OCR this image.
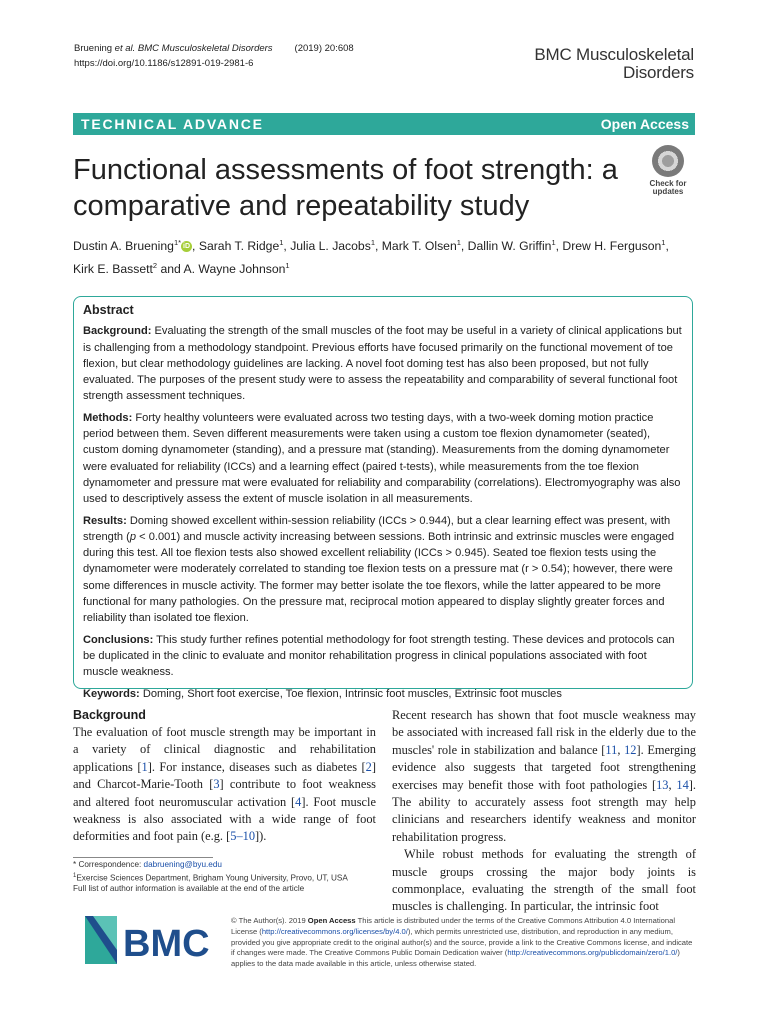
Bruening et al. BMC Musculoskeletal Disorders (2019) 20:608
https://doi.org/10.1186/s12891-019-2981-6	BMC Musculoskeletal
Disorders
TECHNICAL ADVANCE	Open Access
Functional assessments of foot strength: a comparative and repeatability study
Check for
updates
Dustin A. Bruening$^{1*}$ iD , Sarah T. Ridge$^1$, Julia L. Jacobs$^1$, Mark T. Olsen$^1$, Dallin W. Griffin$^1$, Drew H. Ferguson$^1$,
Kirk E. Bassett$^2$ and A. Wayne Johnson$^1$
Abstract

Background: Evaluating the strength of the small muscles of the foot may be useful in a variety of clinical applications but is challenging from a methodology standpoint. Previous efforts have focused primarily on the functional movement of toe flexion, but clear methodology guidelines are lacking. A novel foot doming test has also been proposed, but not fully evaluated. The purposes of the present study were to assess the repeatability and comparability of several functional foot strength assessment techniques.

Methods: Forty healthy volunteers were evaluated across two testing days, with a two-week doming motion practice period between them. Seven different measurements were taken using a custom toe flexion dynamometer (seated), custom doming dynamometer (standing), and a pressure mat (standing). Measurements from the doming dynamometer were evaluated for reliability (ICCs) and a learning effect (paired t-tests), while measurements from the toe flexion dynamometer and pressure mat were evaluated for reliability and comparability (correlations). Electromyography was also used to descriptively assess the extent of muscle isolation in all measurements.

Results: Doming showed excellent within-session reliability (ICCs > 0.944), but a clear learning effect was present, with strength (p < 0.001) and muscle activity increasing between sessions. Both intrinsic and extrinsic muscles were engaged during this test. All toe flexion tests also showed excellent reliability (ICCs > 0.945). Seated toe flexion tests using the dynamometer were moderately correlated to standing toe flexion tests on a pressure mat (r > 0.54); however, there were some differences in muscle activity. The former may better isolate the toe flexors, while the latter appeared to be more functional for many pathologies. On the pressure mat, reciprocal motion appeared to display slightly greater forces and reliability than isolated toe flexion.

Conclusions: This study further refines potential methodology for foot strength testing. These devices and protocols can be duplicated in the clinic to evaluate and monitor rehabilitation progress in clinical populations associated with foot muscle weakness.

Keywords: Doming, Short foot exercise, Toe flexion, Intrinsic foot muscles, Extrinsic foot muscles

Background

The evaluation of foot muscle strength may be important in a variety of clinical diagnostic and rehabilitation applications [1]. For instance, diseases such as diabetes [2] and Charcot-Marie-Tooth [3] contribute to foot weakness and altered foot neuromuscular activation [4]. Foot muscle weakness is also associated with a wide range of foot deformities and foot pain (e.g. [5–10]).

Recent research has shown that foot muscle weakness may be associated with increased fall risk in the elderly due to the muscles' role in stabilization and balance [11, 12]. Emerging evidence also suggests that targeted foot strengthening exercises may benefit those with foot pathologies [13, 14]. The ability to accurately assess foot strength may help clinicians and researchers identify weakness and monitor rehabilitation progress.

While robust methods for evaluating the strength of muscle groups crossing the major body joints is commonplace, evaluating the strength of the small foot muscles is challenging. In particular, the intrinsic foot

* Correspondence: dabruening@byu.edu
$^1$Exercise Sciences Department, Brigham Young University, Provo, UT, USA
Full list of author information is available at the end of the article
BMC
© The Author(s). 2019 Open Access This article is distributed under the terms of the Creative Commons Attribution 4.0 International License (http://creativecommons.org/licenses/by/4.0/), which permits unrestricted use, distribution, and reproduction in any medium, provided you give appropriate credit to the original author(s) and the source, provide a link to the Creative Commons license, and indicate if changes were made. The Creative Commons Public Domain Dedication waiver (http://creativecommons.org/publicdomain/zero/1.0/) applies to the data made available in this article, unless otherwise stated.
